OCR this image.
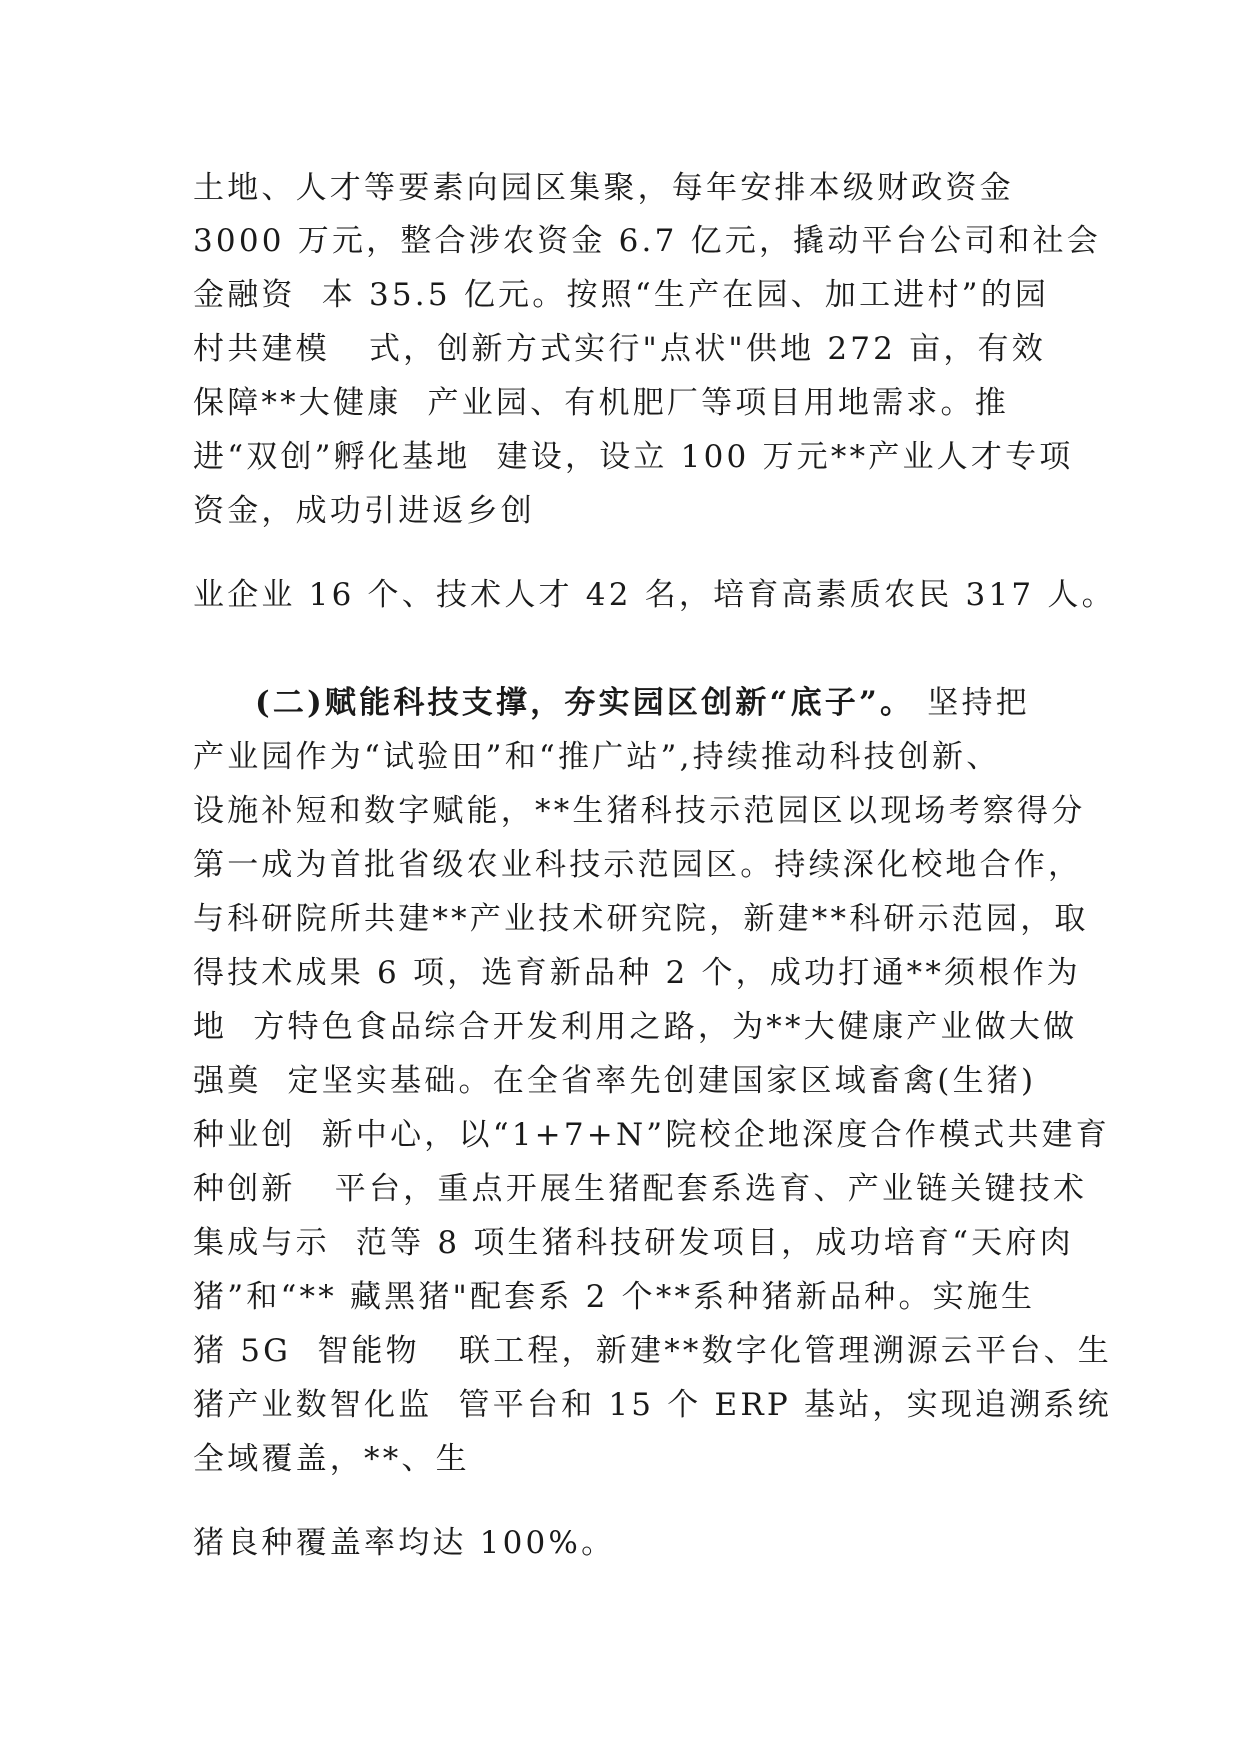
土地、人才等要素向园区集聚，每年安排本级财政资金
3000 万元，整合涉农资金 6.7 亿元，撬动平台公司和社会
金融资  本 35.5 亿元。按照“生产在园、加工进村”的园
村共建模   式，创新方式实行"点状"供地 272 亩，有效
保障**大健康  产业园、有机肥厂等项目用地需求。推
进“双创”孵化基地  建设，设立 100 万元**产业人才专项
资金，成功引进返乡创
业企业 16 个、技术人才 42 名，培育高素质农民 317 人。
(二)赋能科技支撑，夯实园区创新“底子”。 坚持把
产业园作为“试验田”和“推广站”,持续推动科技创新、
设施补短和数字赋能，**生猪科技示范园区以现场考察得分
第一成为首批省级农业科技示范园区。持续深化校地合作，
与科研院所共建**产业技术研究院，新建**科研示范园，取
得技术成果 6 项，选育新品种 2 个，成功打通**须根作为
地  方特色食品综合开发利用之路，为**大健康产业做大做
强奠  定坚实基础。在全省率先创建国家区域畜禽(生猪)
种业创  新中心，以“1+7+N”院校企地深度合作模式共建育
种创新   平台，重点开展生猪配套系选育、产业链关键技术
集成与示  范等 8 项生猪科技研发项目，成功培育“天府肉
猪”和“** 藏黑猪"配套系 2 个**系种猪新品种。实施生
猪 5G  智能物   联工程，新建**数字化管理溯源云平台、生
猪产业数智化监  管平台和 15 个 ERP 基站，实现追溯系统
全域覆盖，**、生
猪良种覆盖率均达 100%。
